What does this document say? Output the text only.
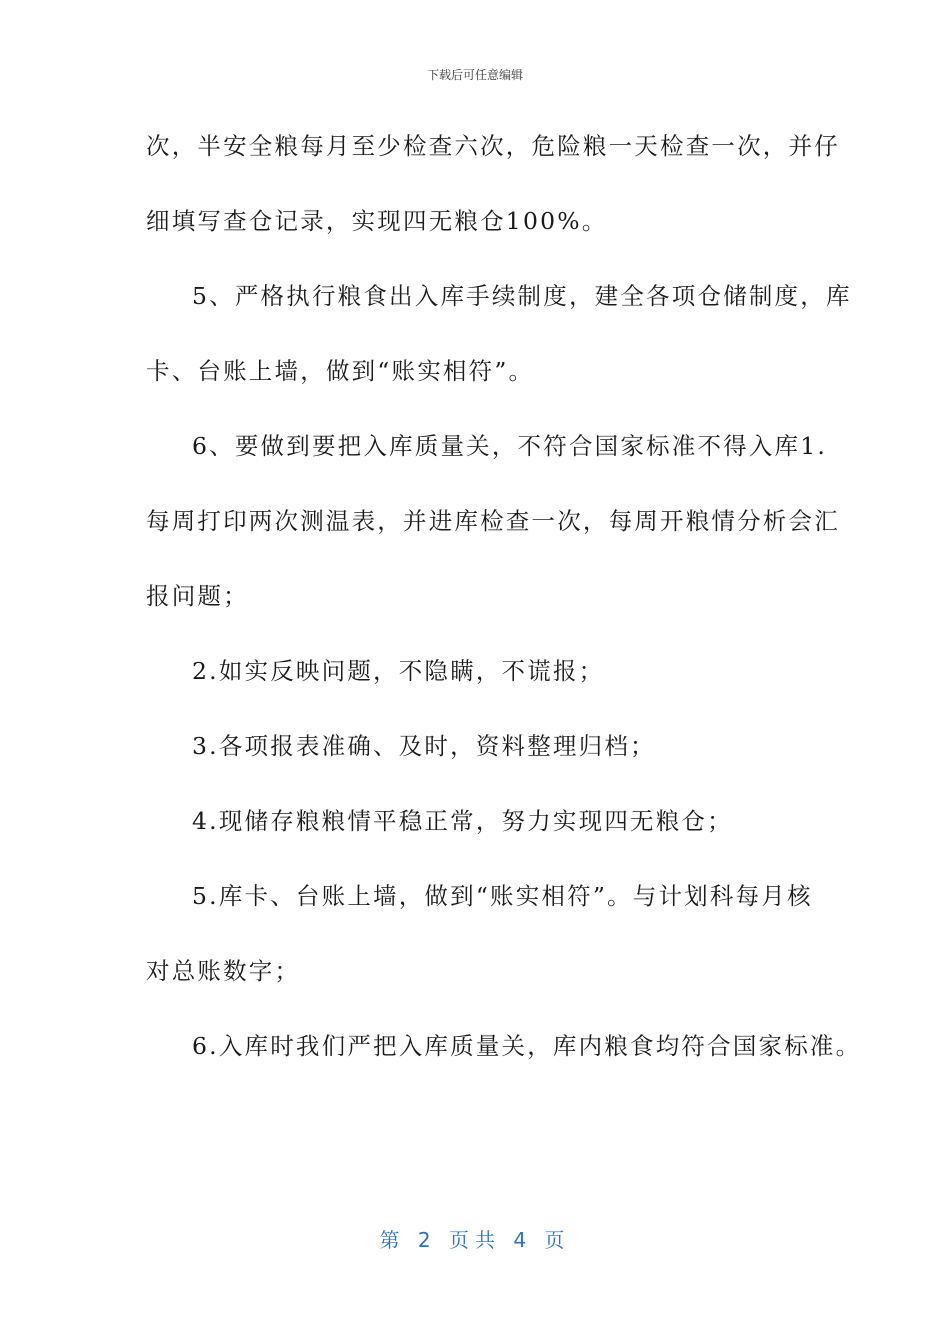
下载后可任意编辑
次，半安全粮每月至少检查六次，危险粮一天检查一次，并仔
细填写查仓记录，实现四无粮仓100%。
5、严格执行粮食出入库手续制度，建全各项仓储制度，库
卡、台账上墙，做到“账实相符”。
6、要做到要把入库质量关，不符合国家标准不得入库1.
每周打印两次测温表，并进库检查一次，每周开粮情分析会汇
报问题；
2.如实反映问题，不隐瞒，不谎报；
3.各项报表准确、及时，资料整理归档；
4.现储存粮粮情平稳正常，努力实现四无粮仓；
5.库卡、台账上墙，做到“账实相符”。与计划科每月核
对总账数字；
6.入库时我们严把入库质量关，库内粮食均符合国家标准。
第 2 页共 4 页
